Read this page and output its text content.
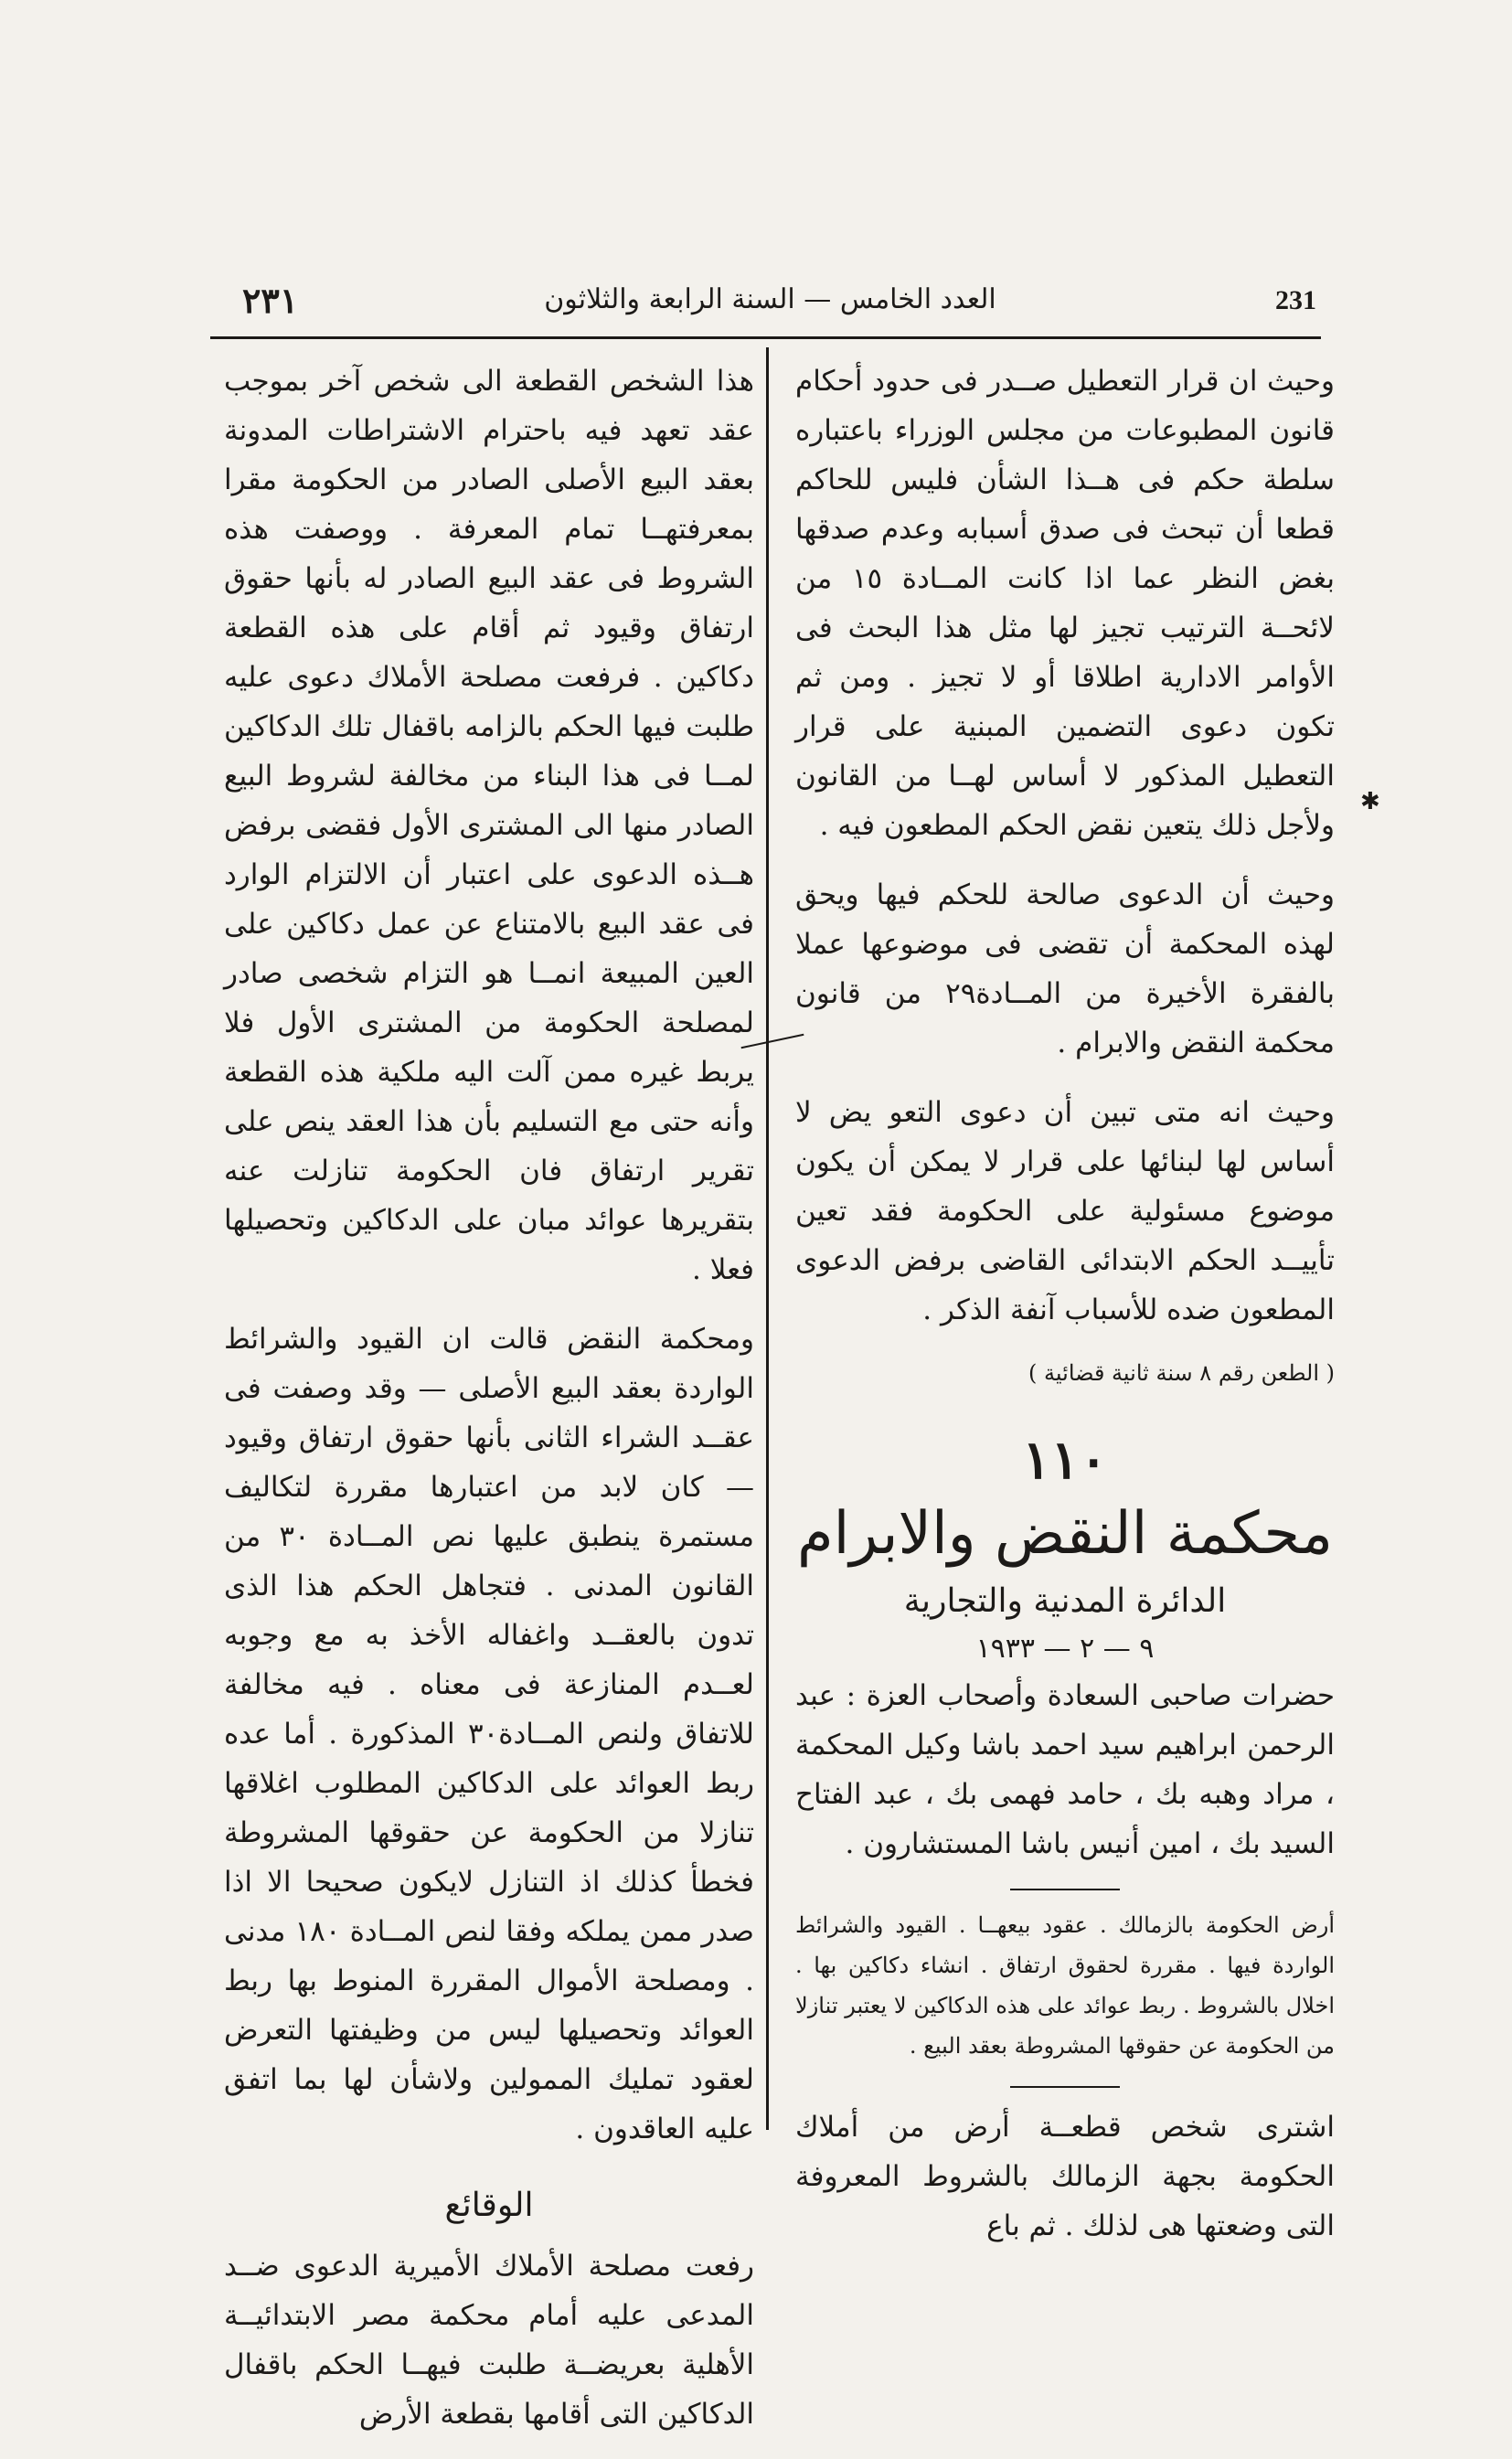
231
العدد الخامس — السنة الرابعة والثلاثون
٢٣١

وحيث ان قرار التعطيل صــدر فى حدود أحكام قانون المطبوعات من مجلس الوزراء باعتباره سلطة حكم فى هــذا الشأن فليس للحاكم قطعا أن تبحث فى صدق أسبابه وعدم صدقها بغض النظر عما اذا كانت المــادة ١٥ من لائحــة الترتيب تجيز لها مثل هذا البحث فى الأوامر الادارية اطلاقا أو لا تجيز . ومن ثم تكون دعوى التضمين المبنية على قرار التعطيل المذكور لا أساس لهــا من القانون ولأجل ذلك يتعين نقض الحكم المطعون فيه .

وحيث أن الدعوى صالحة للحكم فيها ويحق لهذه المحكمة أن تقضى فى موضوعها عملا بالفقرة الأخيرة من المــادة٢٩ من قانون محكمة النقض والابرام .

وحيث انه متى تبين أن دعوى التعو يض لا أساس لها لبنائها على قرار لا يمكن أن يكون موضوع مسئولية على الحكومة فقد تعين تأييــد الحكم الابتدائى القاضى برفض الدعوى المطعون ضده للأسباب آنفة الذكر .

( الطعن رقم ٨ سنة ثانية قضائية )
١١٠
محكمة النقض والابرام
الدائرة المدنية والتجارية
٩ — ٢ — ١٩٣٣

حضرات صاحبى السعادة وأصحاب العزة : عبد الرحمن ابراهيم سيد احمد باشا وكيل المحكمة ، مراد وهبه بك ، حامد فهمى بك ، عبد الفتاح السيد بك ، امين أنيس باشا المستشارون .

أرض الحكومة بالزمالك . عقود بيعهــا . القيود والشرائط الواردة فيها . مقررة لحقوق ارتفاق . انشاء دكاكين بها . اخلال بالشروط . ربط عوائد على هذه الدكاكين لا يعتبر تنازلا من الحكومة عن حقوقها المشروطة بعقد البيع .

اشترى شخص قطعــة أرض من أملاك الحكومة بجهة الزمالك بالشروط المعروفة التى وضعتها هى لذلك . ثم باع

هذا الشخص القطعة الى شخص آخر بموجب عقد تعهد فيه باحترام الاشتراطات المدونة بعقد البيع الأصلى الصادر من الحكومة مقرا بمعرفتهــا تمام المعرفة . ووصفت هذه الشروط فى عقد البيع الصادر له بأنها حقوق ارتفاق وقيود ثم أقام على هذه القطعة دكاكين . فرفعت مصلحة الأملاك دعوى عليه طلبت فيها الحكم بالزامه باقفال تلك الدكاكين لمــا فى هذا البناء من مخالفة لشروط البيع الصادر منها الى المشترى الأول فقضى برفض هــذه الدعوى على اعتبار أن الالتزام الوارد فى عقد البيع بالامتناع عن عمل دكاكين على العين المبيعة انمــا هو التزام شخصى صادر لمصلحة الحكومة من المشترى الأول فلا يربط غيره ممن آلت اليه ملكية هذه القطعة وأنه حتى مع التسليم بأن هذا العقد ينص على تقرير ارتفاق فان الحكومة تنازلت عنه بتقريرها عوائد مبان على الدكاكين وتحصيلها فعلا .

ومحكمة النقض قالت ان القيود والشرائط الواردة بعقد البيع الأصلى — وقد وصفت فى عقــد الشراء الثانى بأنها حقوق ارتفاق وقيود — كان لابد من اعتبارها مقررة لتكاليف مستمرة ينطبق عليها نص المــادة ٣٠ من القانون المدنى . فتجاهل الحكم هذا الذى تدون بالعقــد واغفاله الأخذ به مع وجوبه لعــدم المنازعة فى معناه . فيه مخالفة للاتفاق ولنص المــادة٣٠ المذكورة . أما عده ربط العوائد على الدكاكين المطلوب اغلاقها تنازلا من الحكومة عن حقوقها المشروطة فخطأ كذلك اذ التنازل لايكون صحيحا الا اذا صدر ممن يملكه وفقا لنص المــادة ١٨٠ مدنى . ومصلحة الأموال المقررة المنوط بها ربط العوائد وتحصيلها ليس من وظيفتها التعرض لعقود تمليك الممولين ولاشأن لها بما اتفق عليه العاقدون .

الوقائع

رفعت مصلحة الأملاك الأميرية الدعوى ضــد المدعى عليه أمام محكمة مصر الابتدائيــة الأهلية بعريضــة طلبت فيهــا الحكم باقفال الدكاكين التى أقامها بقطعة الأرض

✱
